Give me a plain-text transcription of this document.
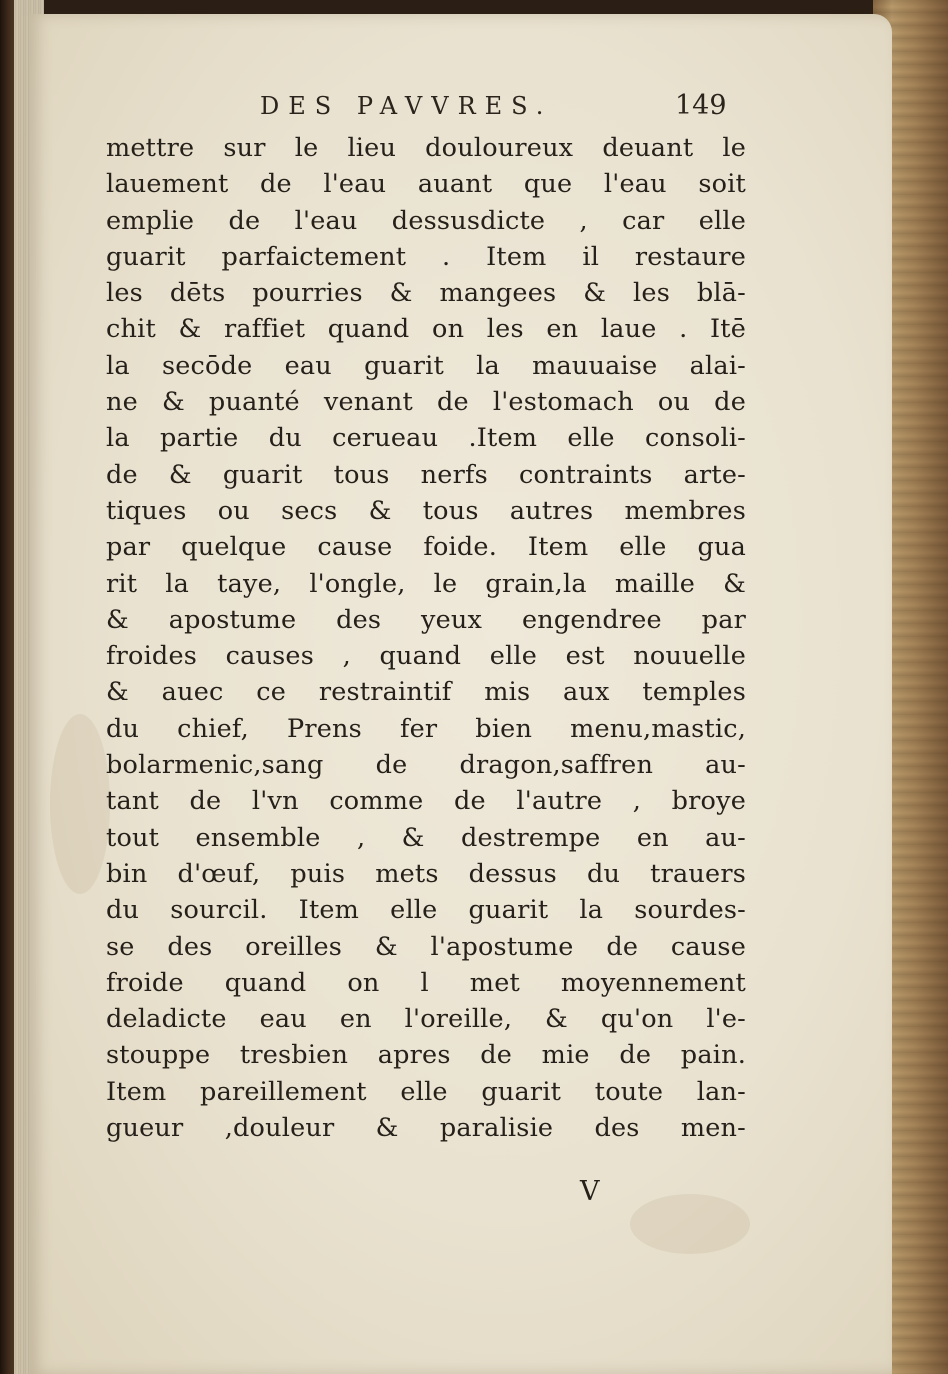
DES PAVVRES.	149
mettre sur le lieu douloureux deuant le
lauement de l'eau auant que l'eau soit
emplie de l'eau dessusdicte , car elle
guarit parfaictement . Item il restaure
les dēts pourries & mangees & les blā-
chit & raffiet quand on les en laue . Itē
la secōde eau guarit la mauuaise alai-
ne & puanté venant de l'estomach ou de
la partie du cerueau .Item elle consoli-
de & guarit tous nerfs contraints arte-
tiques ou secs & tous autres membres
par quelque cause foide. Item elle gua
rit la taye, l'ongle, le grain,la maille &
& apostume des yeux engendree par
froides causes , quand elle est nouuelle
& auec ce restraintif mis aux temples
du chief, Prens fer bien menu,mastic,
bolarmenic,sang de dragon,saffren au-
tant de l'vn comme de l'autre , broye
tout ensemble , & destrempe en au-
bin d'œuf, puis mets dessus du trauers
du sourcil. Item elle guarit la sourdes-
se des oreilles & l'apostume de cause
froide quand on l met moyennement
deladicte eau en l'oreille, & qu'on l'e-
stouppe tresbien apres de mie de pain.
Item pareillement elle guarit toute lan-
gueur ,douleur & paralisie des men-
V
